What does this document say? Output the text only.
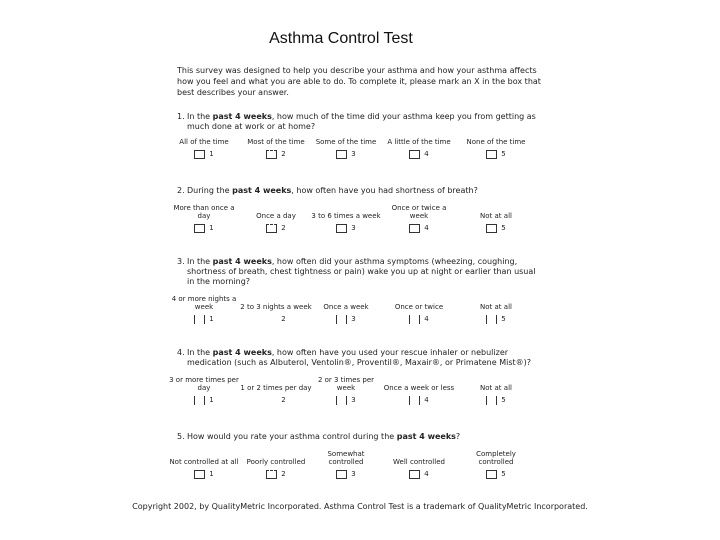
Asthma Control Test
This survey was designed to help you describe your asthma and how your asthma affects how you feel and what you are able to do. To complete it, please mark an X in the box that best describes your answer.
1. In the past 4 weeks, how much of the time did your asthma keep you from getting as much done at work or at home?
All of the time
1
Most of the time
2
Some of the time
3
A little of the time
4
None of the time
5
2. During the past 4 weeks, how often have you had shortness of breath?
More than once a day
1
Once a day
2
3 to 6 times a week
3
Once or twice a week
4
Not at all
5
3. In the past 4 weeks, how often did your asthma symptoms (wheezing, coughing, shortness of breath, chest tightness or pain) wake you up at night or earlier than usual in the morning?
4 or more nights a week
1
2 to 3 nights a week
2
Once a week
3
Once or twice
4
Not at all
5
4. In the past 4 weeks, how often have you used your rescue inhaler or nebulizer medication (such as Albuterol, Ventolin®, Proventil®, Maxair®, or Primatene Mist®)?
3 or more times per day
1
1 or 2 times per day
2
2 or 3 times per week
3
Once a week or less
4
Not at all
5
5. How would you rate your asthma control during the past 4 weeks?
Not controlled at all
1
Poorly controlled
2
Somewhat controlled
3
Well controlled
4
Completely controlled
5
Copyright 2002, by QualityMetric Incorporated. Asthma Control Test is a trademark of QualityMetric Incorporated.
